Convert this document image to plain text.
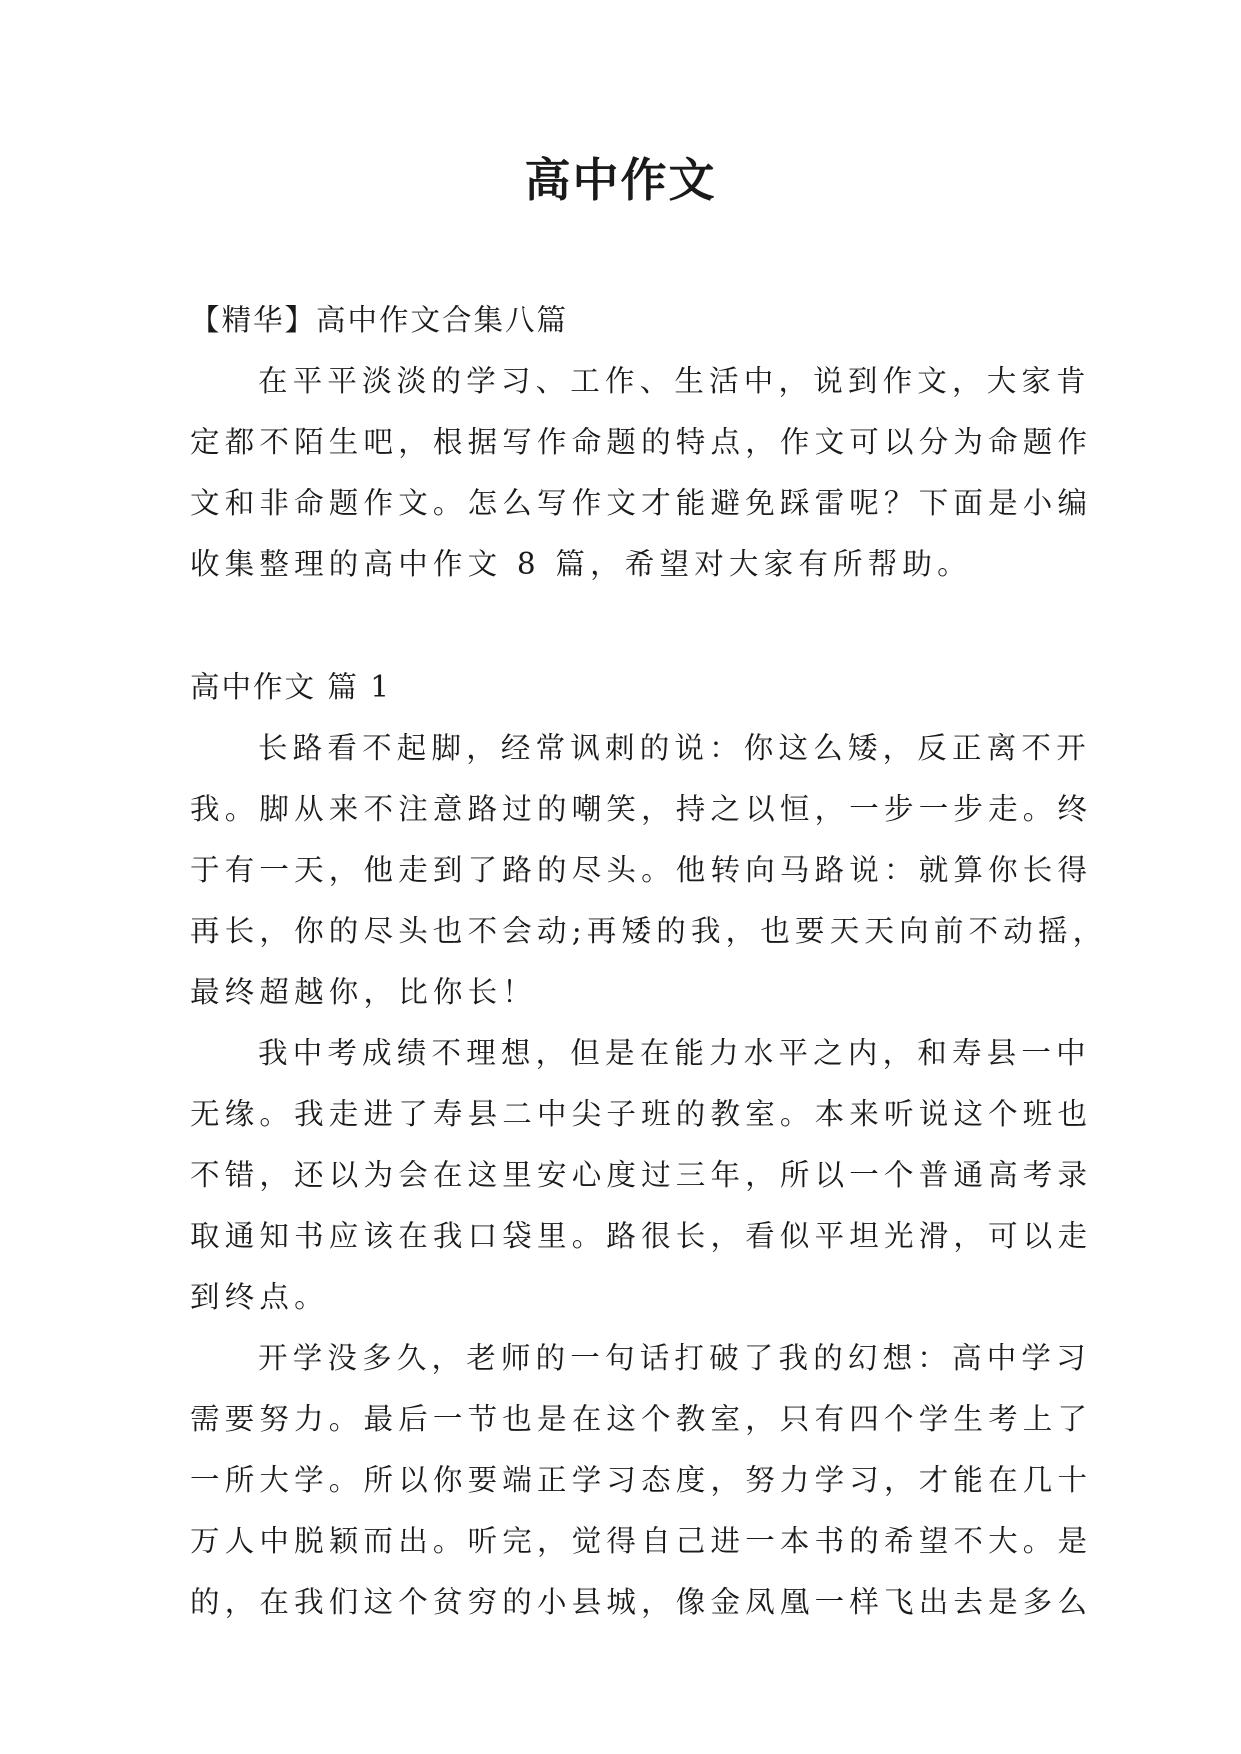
高中作文

【精华】高中作文合集八篇

在平平淡淡的学习、工作、生活中，说到作文，大家肯

定都不陌生吧，根据写作命题的特点，作文可以分为命题作

文和非命题作文。怎么写作文才能避免踩雷呢？下面是小编

收集整理的高中作文 8 篇，希望对大家有所帮助。

高中作文 篇 1

长路看不起脚，经常讽刺的说：你这么矮，反正离不开

我。脚从来不注意路过的嘲笑，持之以恒，一步一步走。终

于有一天，他走到了路的尽头。他转向马路说：就算你长得

再长，你的尽头也不会动;再矮的我，也要天天向前不动摇，

最终超越你，比你长！

我中考成绩不理想，但是在能力水平之内，和寿县一中

无缘。我走进了寿县二中尖子班的教室。本来听说这个班也

不错，还以为会在这里安心度过三年，所以一个普通高考录

取通知书应该在我口袋里。路很长，看似平坦光滑，可以走

到终点。

开学没多久，老师的一句话打破了我的幻想：高中学习

需要努力。最后一节也是在这个教室，只有四个学生考上了

一所大学。所以你要端正学习态度，努力学习，才能在几十

万人中脱颖而出。听完，觉得自己进一本书的希望不大。是

的，在我们这个贫穷的小县城，像金凤凰一样飞出去是多么
